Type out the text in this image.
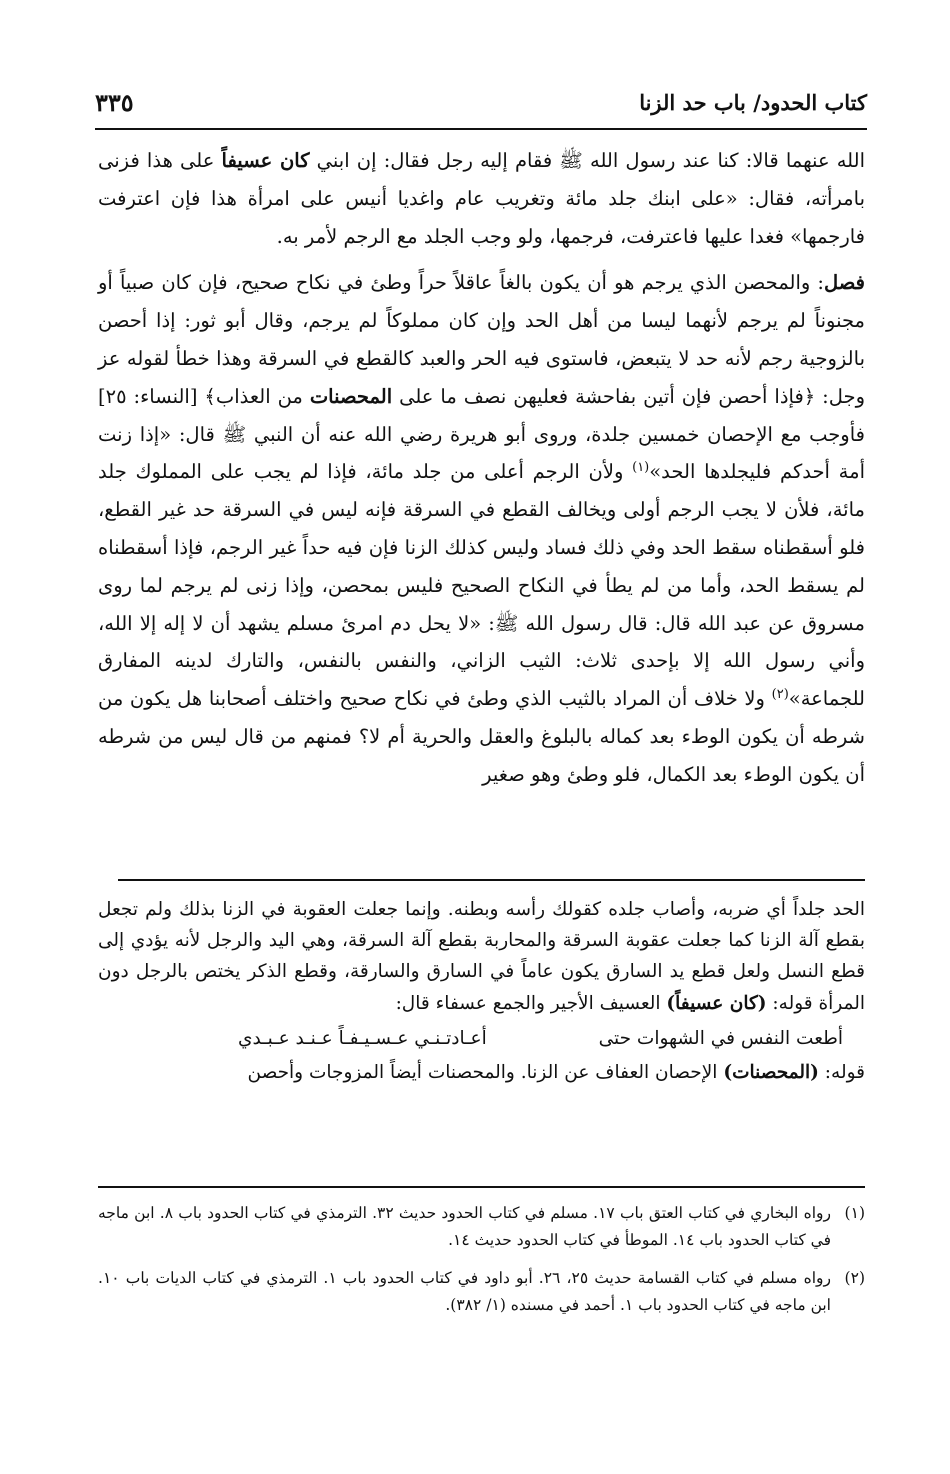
كتاب الحدود/ باب حد الزنا
٣٣٥

الله عنهما قالا: كنا عند رسول الله ﷺ فقام إليه رجل فقال: إن ابني كان عسيفاً على هذا فزنى بامرأته، فقال: «على ابنك جلد مائة وتغريب عام واغديا أنيس على امرأة هذا فإن اعترفت فارجمها» فغدا عليها فاعترفت، فرجمها، ولو وجب الجلد مع الرجم لأمر به.

فصل: والمحصن الذي يرجم هو أن يكون بالغاً عاقلاً حراً وطئ في نكاح صحيح، فإن كان صبياً أو مجنوناً لم يرجم لأنهما ليسا من أهل الحد وإن كان مملوكاً لم يرجم، وقال أبو ثور: إذا أحصن بالزوجية رجم لأنه حد لا يتبعض، فاستوى فيه الحر والعبد كالقطع في السرقة وهذا خطأ لقوله عز وجل: ﴿فإذا أحصن فإن أتين بفاحشة فعليهن نصف ما على المحصنات من العذاب﴾ [النساء: ٢٥] فأوجب مع الإحصان خمسين جلدة، وروى أبو هريرة رضي الله عنه أن النبي ﷺ قال: «إذا زنت أمة أحدكم فليجلدها الحد»$^{(١)}$ ولأن الرجم أعلى من جلد مائة، فإذا لم يجب على المملوك جلد مائة، فلأن لا يجب الرجم أولى ويخالف القطع في السرقة فإنه ليس في السرقة حد غير القطع، فلو أسقطناه سقط الحد وفي ذلك فساد وليس كذلك الزنا فإن فيه حداً غير الرجم، فإذا أسقطناه لم يسقط الحد، وأما من لم يطأ في النكاح الصحيح فليس بمحصن، وإذا زنى لم يرجم لما روى مسروق عن عبد الله قال: قال رسول الله ﷺ: «لا يحل دم امرئ مسلم يشهد أن لا إله إلا الله، وأني رسول الله إلا بإحدى ثلاث: الثيب الزاني، والنفس بالنفس، والتارك لدينه المفارق للجماعة»$^{(٢)}$ ولا خلاف أن المراد بالثيب الذي وطئ في نكاح صحيح واختلف أصحابنا هل يكون من شرطه أن يكون الوطء بعد كماله بالبلوغ والعقل والحرية أم لا؟ فمنهم من قال ليس من شرطه أن يكون الوطء بعد الكمال، فلو وطئ وهو صغير

الحد جلداً أي ضربه، وأصاب جلده كقولك رأسه وبطنه. وإنما جعلت العقوبة في الزنا بذلك ولم تجعل بقطع آلة الزنا كما جعلت عقوبة السرقة والمحاربة بقطع آلة السرقة، وهي اليد والرجل لأنه يؤدي إلى قطع النسل ولعل قطع يد السارق يكون عاماً في السارق والسارقة، وقطع الذكر يختص بالرجل دون المرأة قوله: (كان عسيفاً) العسيف الأجير والجمع عسفاء قال:

أطعت النفس في الشهوات حتى
أعـادتـنـي عـسـيـفـاً عـنـد عـبـدي

قوله: (المحصنات) الإحصان العفاف عن الزنا. والمحصنات أيضاً المزوجات وأحصن

(١)
رواه البخاري في كتاب العتق باب ١٧. مسلم في كتاب الحدود حديث ٣٢. الترمذي في كتاب الحدود باب ٨. ابن ماجه في كتاب الحدود باب ١٤. الموطأ في كتاب الحدود حديث ١٤.
(٢)
رواه مسلم في كتاب القسامة حديث ٢٥، ٢٦. أبو داود في كتاب الحدود باب ١. الترمذي في كتاب الديات باب ١٠. ابن ماجه في كتاب الحدود باب ١. أحمد في مسنده (١/ ٣٨٢).
